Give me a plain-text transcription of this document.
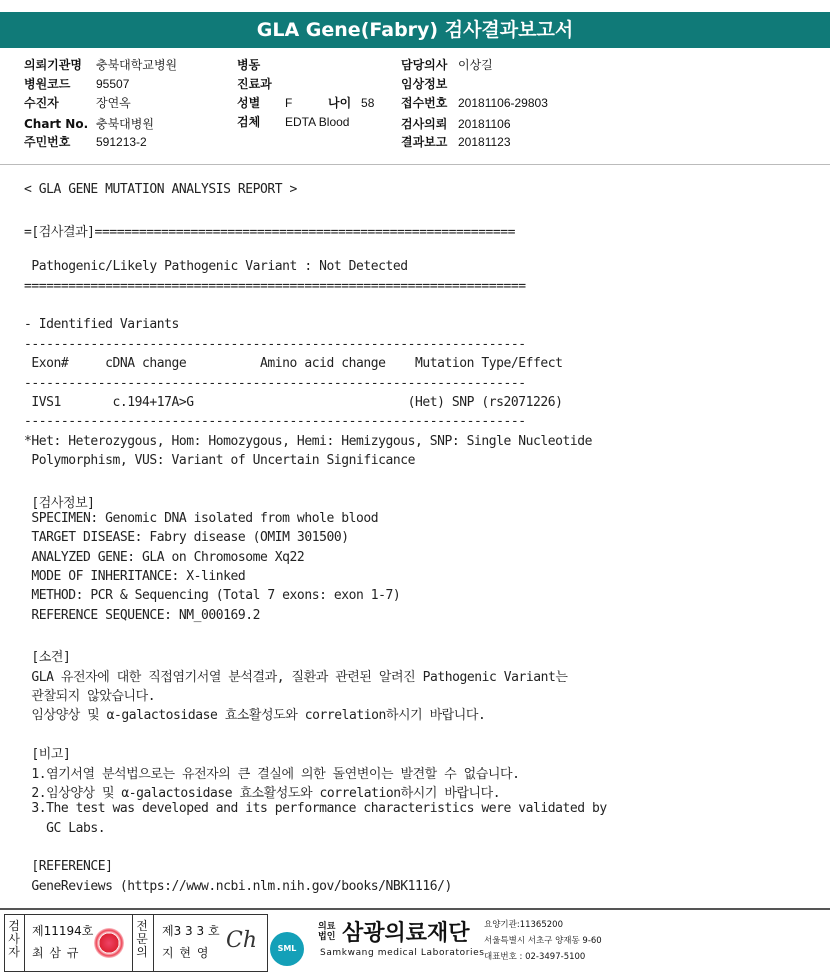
GLA Gene(Fabry) 검사결과보고서
의뢰기관명 충북대학교병원
병원코드 95507
수진자	장연옥
Chart No. 충북대병원
주민번호 591213-2
병동
진료과
성별 F
검체 EDTA Blood
담당의사 이상길
임상정보
접수번호 20181106-29803
검사의뢰 20181106
결과보고 20181123
나이 58
< GLA GENE MUTATION ANALYSIS REPORT >
=[검사결과]=========================================================
Pathogenic/Likely Pathogenic Variant : Not Detected
====================================================================
- Identified Variants
--------------------------------------------------------------------
Exon#     cDNA change          Amino acid change    Mutation Type/Effect
--------------------------------------------------------------------
IVS1       c.194+17A>G                             (Het) SNP (rs2071226)
--------------------------------------------------------------------
*Het: Heterozygous, Hom: Homozygous, Hemi: Hemizygous, SNP: Single Nucleotide
Polymorphism, VUS: Variant of Uncertain Significance
[검사정보]
SPECIMEN: Genomic DNA isolated from whole blood
TARGET DISEASE: Fabry disease (OMIM 301500)
ANALYZED GENE: GLA on Chromosome Xq22
MODE OF INHERITANCE: X-linked
METHOD: PCR & Sequencing (Total 7 exons: exon 1-7)
REFERENCE SEQUENCE: NM_000169.2
[소견]
GLA 유전자에 대한 직접염기서열 분석결과, 질환과 관련된 알려진 Pathogenic Variant는
관찰되지 않았습니다.
임상양상 및 α-galactosidase 효소활성도와 correlation하시기 바랍니다.
[비고]
1.염기서열 분석법으로는 유전자의 큰 결실에 의한 돌연변이는 발견할 수 없습니다.
2.임상양상 및 α-galactosidase 효소활성도와 correlation하시기 바랍니다.
3.The test was developed and its performance characteristics were validated by
GC Labs.
[REFERENCE]
GeneReviews (https://www.ncbi.nlm.nih.gov/books/NBK1116/)
검사자
제11194호
최 삼 규
전문의
제3 3 3 호
지 현 영 Ch	SML
의료
법인 삼광의료재단
Samkwang medical Laboratories
요양기관:11365200
서울특별시 서초구 양재동 9-60
대표번호 : 02-3497-5100
